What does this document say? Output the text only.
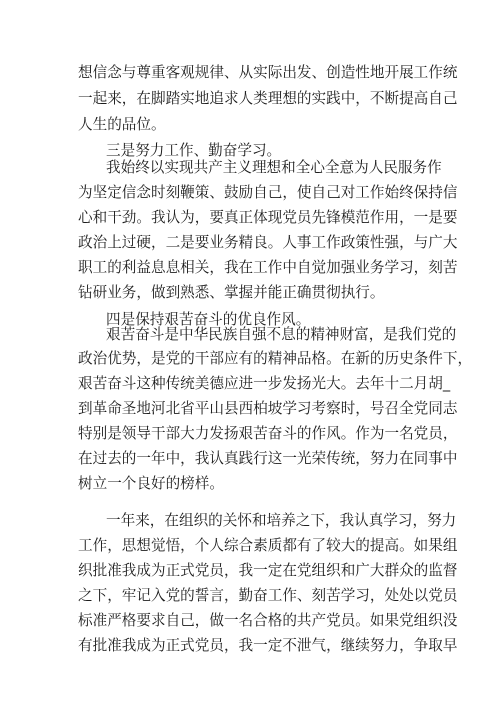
想信念与尊重客观规律、从实际出发、创造性地开展工作统
一起来，在脚踏实地追求人类理想的实践中，不断提高自己
人生的品位。
三是努力工作、勤奋学习。
我始终以实现共产主义理想和全心全意为人民服务作
为坚定信念时刻鞭策、鼓励自己，使自己对工作始终保持信
心和干劲。我认为，要真正体现党员先锋模范作用，一是要
政治上过硬，二是要业务精良。人事工作政策性强，与广大
职工的利益息息相关，我在工作中自觉加强业务学习，刻苦
钻研业务，做到熟悉、掌握并能正确贯彻执行。
四是保持艰苦奋斗的优良作风。
艰苦奋斗是中华民族自强不息的精神财富，是我们党的
政治优势，是党的干部应有的精神品格。在新的历史条件下，
艰苦奋斗这种传统美德应进一步发扬光大。去年十二月胡_
到革命圣地河北省平山县西柏坡学习考察时，号召全党同志
特别是领导干部大力发扬艰苦奋斗的作风。作为一名党员，
在过去的一年中，我认真践行这一光荣传统，努力在同事中
树立一个良好的榜样。
一年来，在组织的关怀和培养之下，我认真学习，努力
工作，思想觉悟，个人综合素质都有了较大的提高。如果组
织批准我成为正式党员，我一定在党组织和广大群众的监督
之下，牢记入党的誓言，勤奋工作、刻苦学习，处处以党员
标准严格要求自己，做一名合格的共产党员。如果党组织没
有批准我成为正式党员，我一定不泄气，继续努力，争取早
